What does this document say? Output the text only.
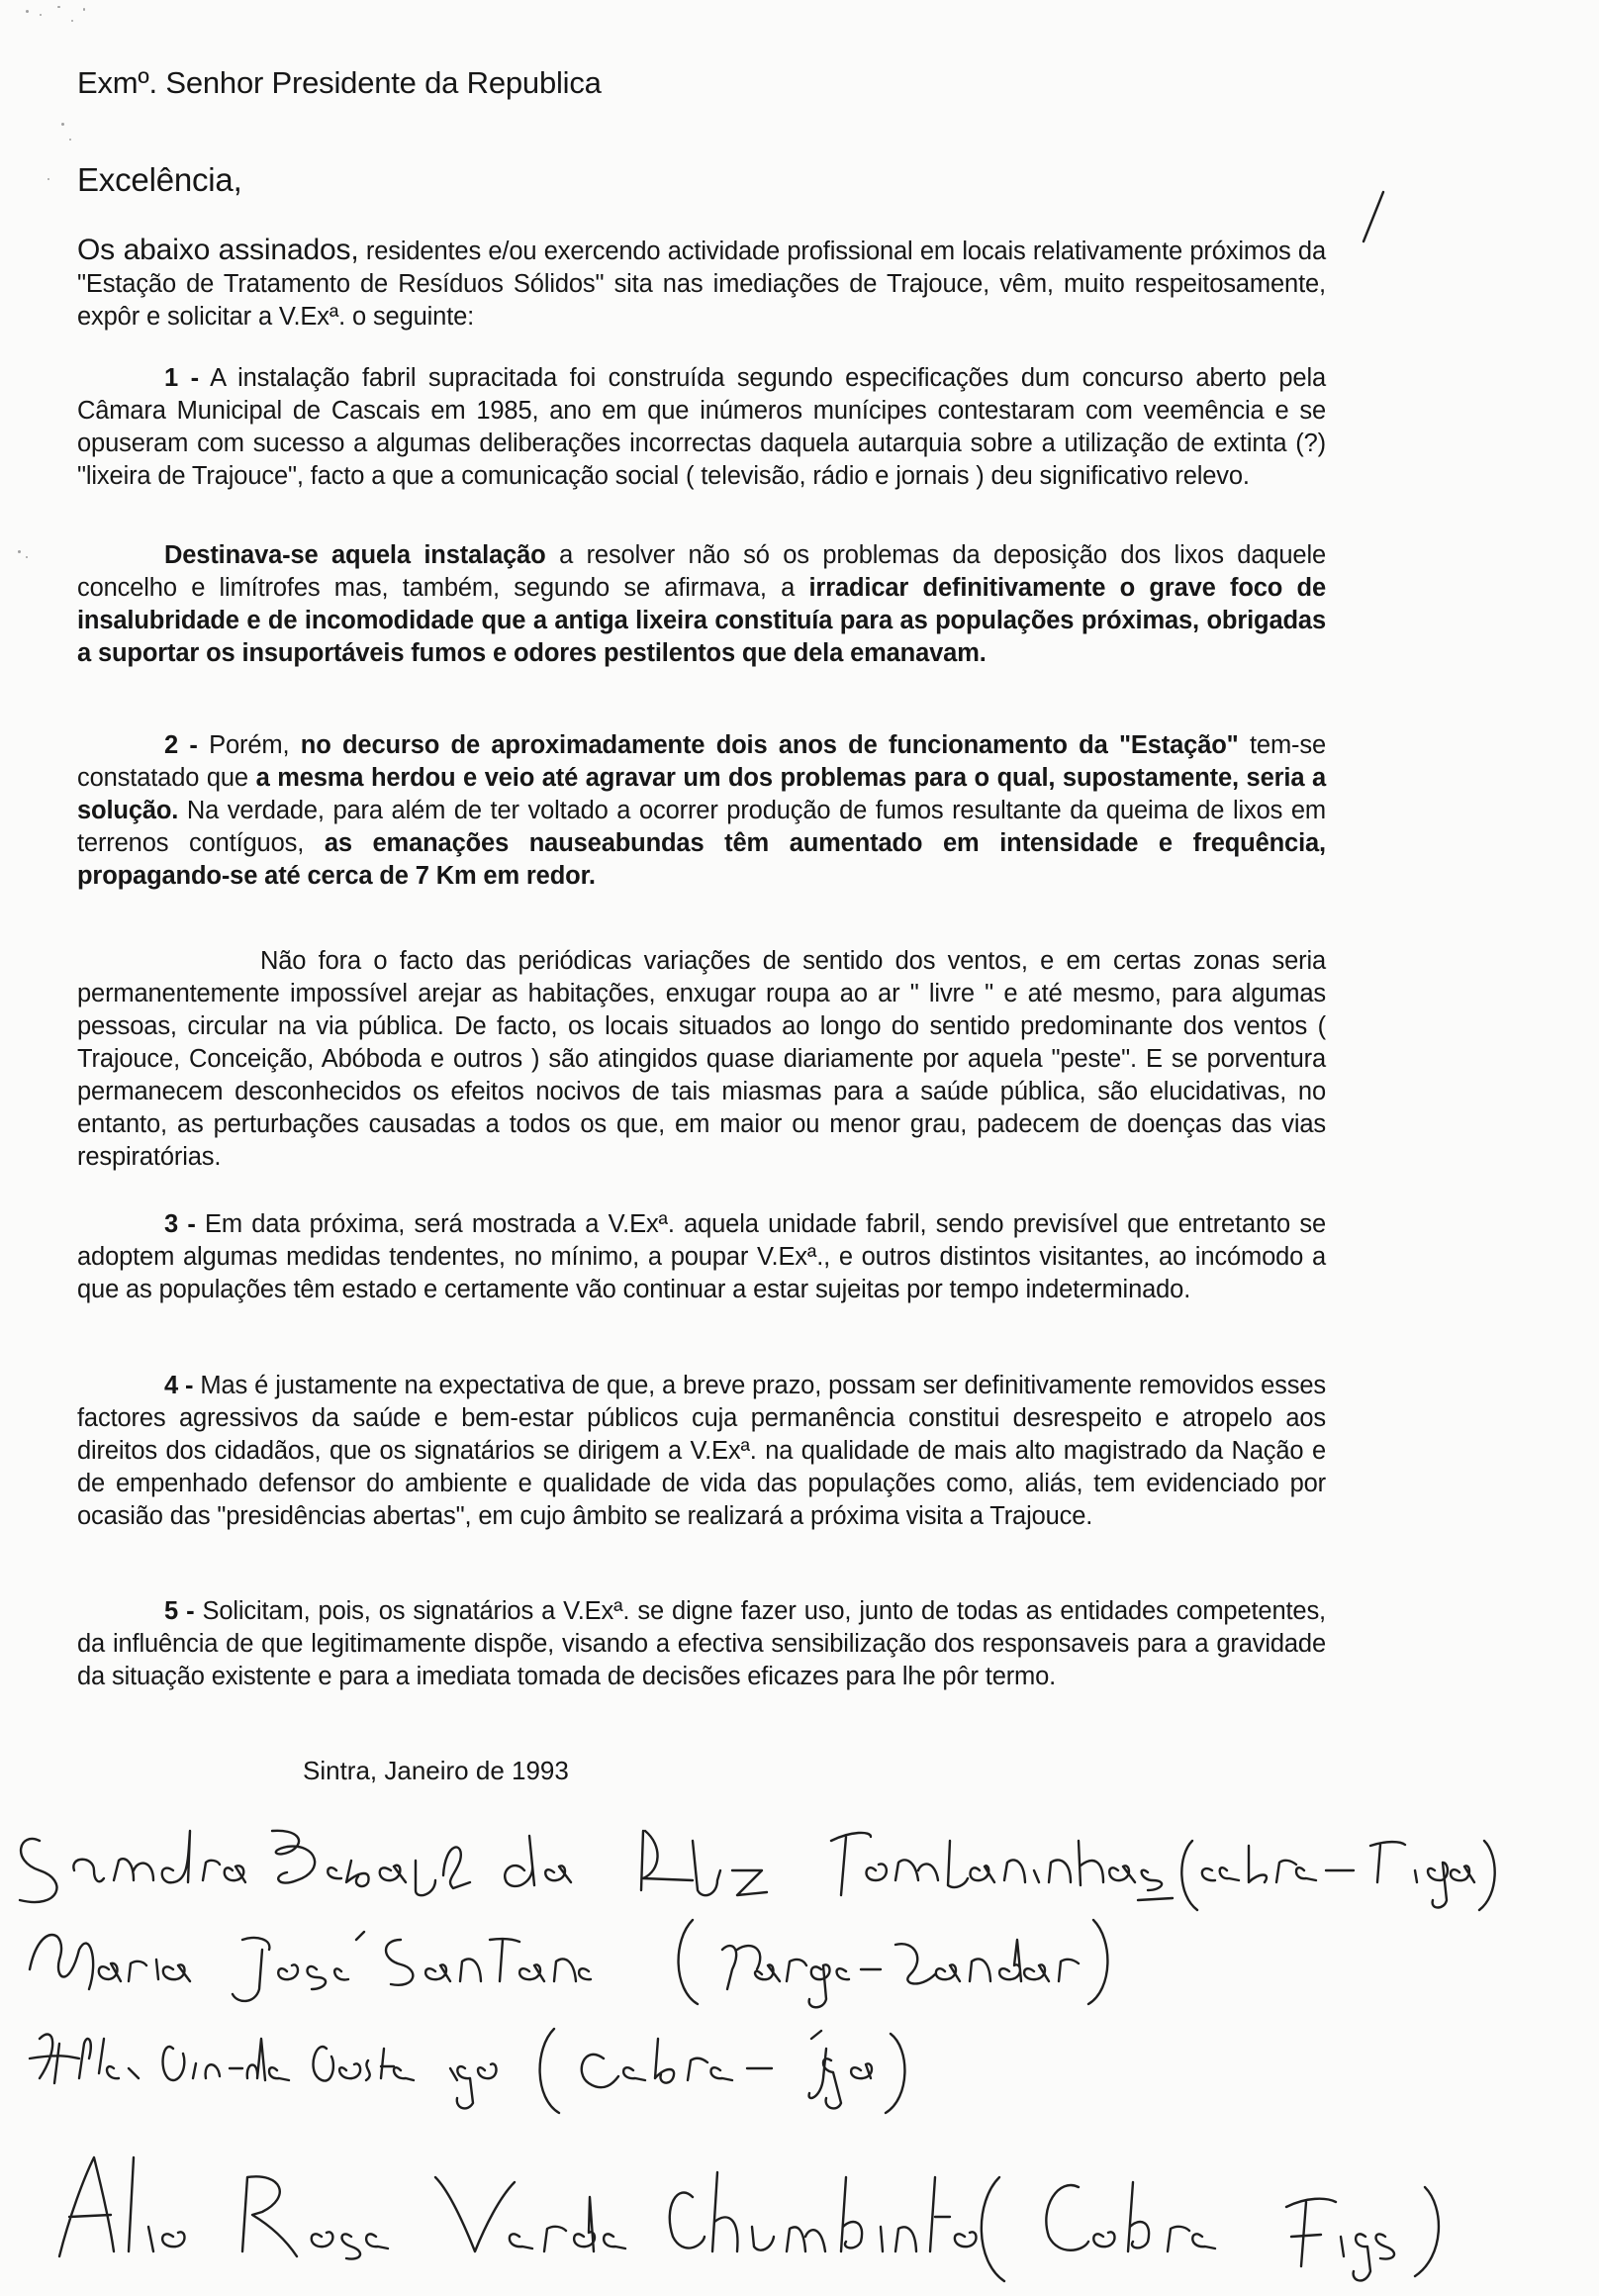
Exmº. Senhor Presidente da Republica
Excelência,

Os abaixo assinados, residentes e/ou exercendo actividade profissional em locais relativamente próximos da "Estação de Tratamento de Resíduos Sólidos" sita nas imediações de Trajouce, vêm, muito respeitosamente, expôr e solicitar a V.Exª. o seguinte:

1 - A instalação fabril supracitada foi construída segundo especificações dum concurso aberto pela Câmara Municipal de Cascais em 1985, ano em que inúmeros munícipes contestaram com veemência e se opuseram com sucesso a algumas deliberações incorrectas daquela autarquia sobre a utilização de extinta (?) "lixeira de Trajouce", facto a que a comunicação social ( televisão, rádio e jornais ) deu significativo relevo.

Destinava-se aquela instalação a resolver não só os problemas da deposição dos lixos daquele concelho e limítrofes mas, também, segundo se afirmava, a irradicar definitivamente o grave foco de insalubridade e de incomodidade que a antiga lixeira constituía para as populações próximas, obrigadas a suportar os insuportáveis fumos e odores pestilentos que dela emanavam.

2 - Porém, no decurso de aproximadamente dois anos de funcionamento da "Estação" tem-se constatado que a mesma herdou e veio até agravar um dos problemas para o qual, supostamente, seria a solução. Na verdade, para além de ter voltado a ocorrer produção de fumos resultante da queima de lixos em terrenos contíguos, as emanações nauseabundas têm aumentado em intensidade e frequência, propagando-se até cerca de 7 Km em redor.

Não fora o facto das periódicas variações de sentido dos ventos, e em certas zonas seria permanentemente impossível arejar as habitações, enxugar roupa ao ar " livre " e até mesmo, para algumas pessoas, circular na via pública. De facto, os locais situados ao longo do sentido predominante dos ventos ( Trajouce, Conceição, Abóboda e outros ) são atingidos quase diariamente por aquela "peste". E se porventura permanecem desconhecidos os efeitos nocivos de tais miasmas para a saúde pública, são elucidativas, no entanto, as perturbações causadas a todos os que, em maior ou menor grau, padecem de doenças das vias respiratórias.

3 - Em data próxima, será mostrada a V.Exª. aquela unidade fabril, sendo previsível que entretanto se adoptem algumas medidas tendentes, no mínimo, a poupar V.Exª., e outros distintos visitantes, ao incómodo a que as populações têm estado e certamente vão continuar a estar sujeitas por tempo indeterminado.

4 - Mas é justamente na expectativa de que, a breve prazo, possam ser definitivamente removidos esses factores agressivos da saúde e bem-estar públicos cuja permanência constitui desrespeito e atropelo aos direitos dos cidadãos, que os signatários se dirigem a V.Exª. na qualidade de mais alto magistrado da Nação e de empenhado defensor do ambiente e qualidade de vida das populações como, aliás, tem evidenciado por ocasião das "presidências abertas", em cujo âmbito se realizará a próxima visita a Trajouce.

5 - Solicitam, pois, os signatários a V.Exª. se digne fazer uso, junto de todas as entidades competentes, da influência de que legitimamente dispõe, visando a efectiva sensibilização dos responsaveis para a gravidade da situação existente e para a imediata tomada de decisões eficazes para lhe pôr termo.

Sintra, Janeiro de 1993
